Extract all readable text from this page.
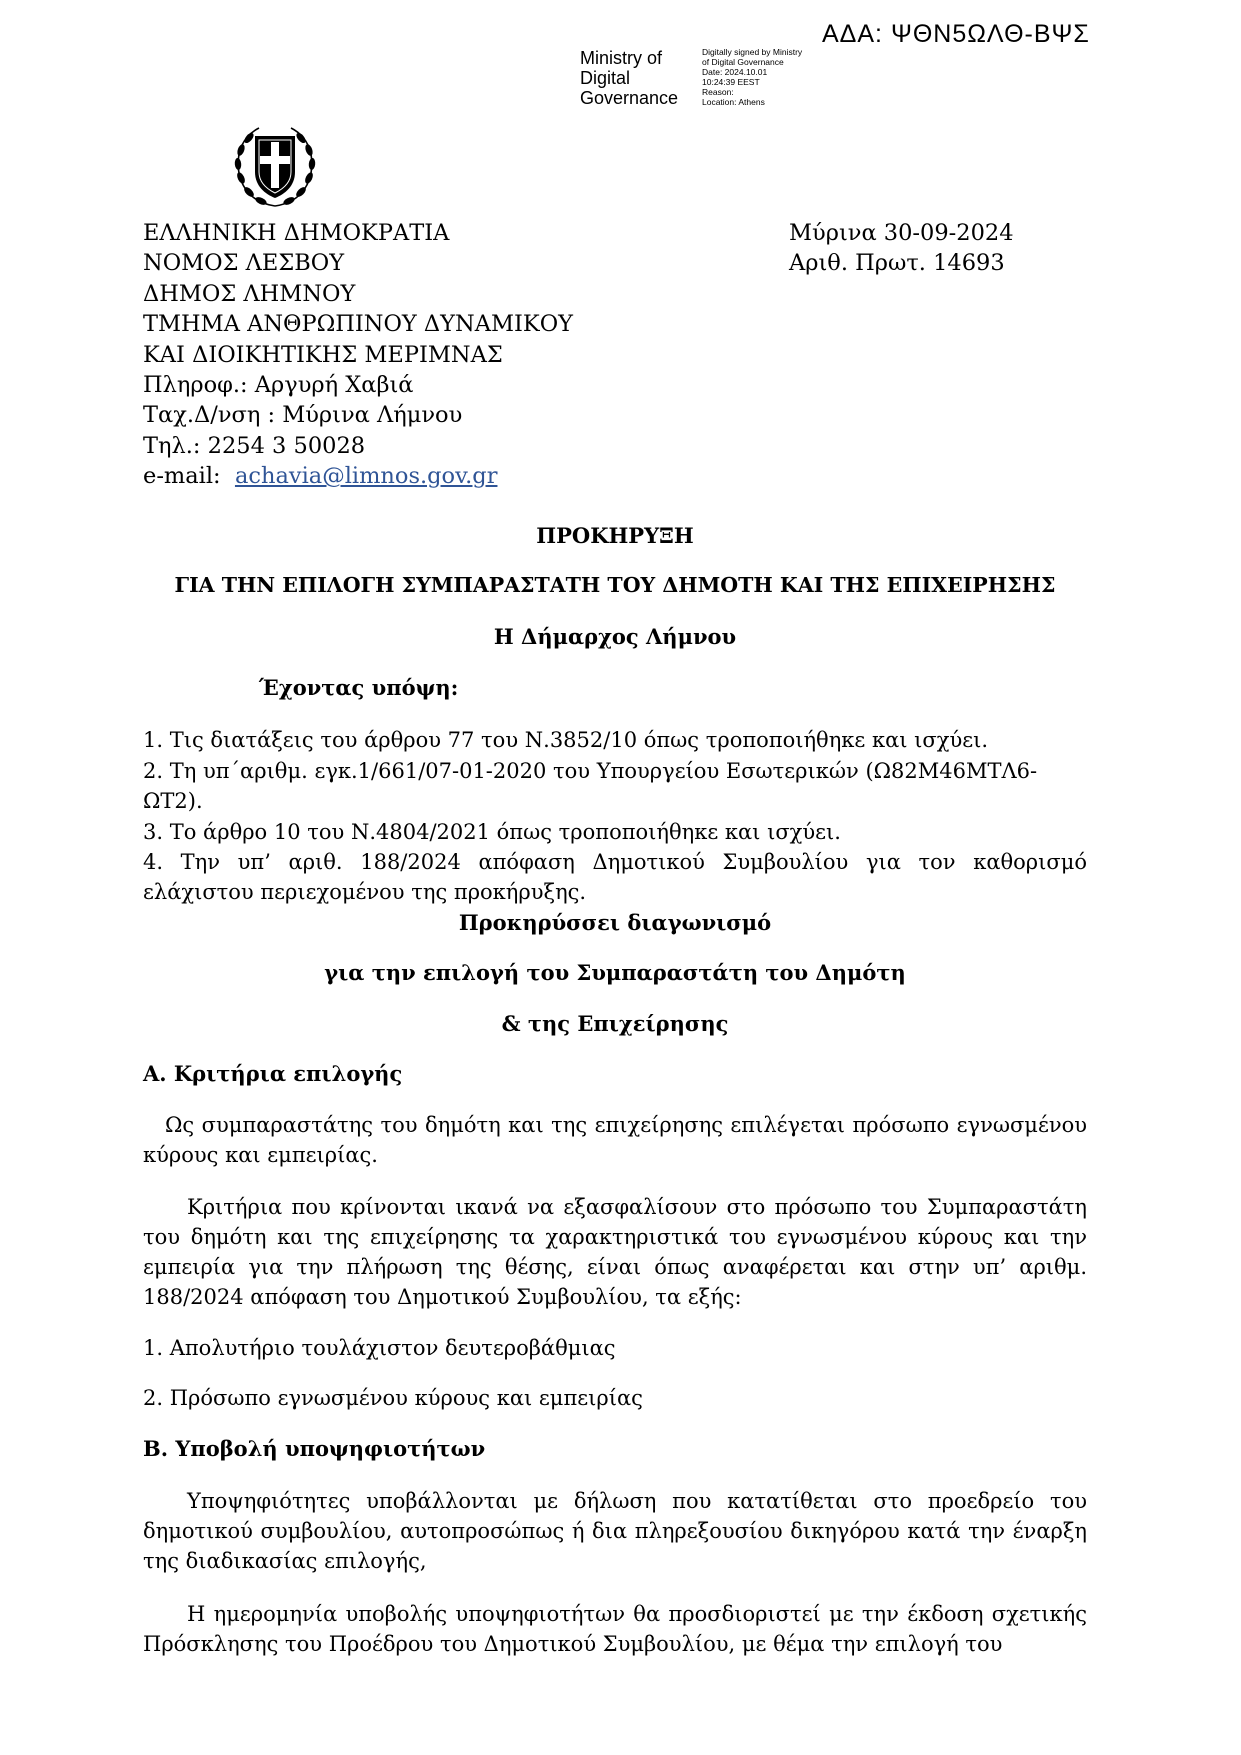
ΑΔΑ: ΨΘΝ5ΩΛΘ-ΒΨΣ
Ministry of
Digital
Governance
Digitally signed by Ministry
of Digital Governance
Date: 2024.10.01
10:24:39 EEST
Reason:
Location: Athens
ΕΛΛΗΝΙΚΗ ΔΗΜΟΚΡΑΤΙΑ
ΝΟΜΟΣ ΛΕΣΒΟΥ
ΔΗΜΟΣ ΛΗΜΝΟΥ
ΤΜΗΜΑ ΑΝΘΡΩΠΙΝΟΥ ΔΥΝΑΜΙΚΟΥ
ΚΑΙ ΔΙΟΙΚΗΤΙΚΗΣ ΜΕΡΙΜΝΑΣ
Πληροφ.: Αργυρή Χαβιά
Ταχ.Δ/νση : Μύρινα Λήμνου
Τηλ.: 2254 3 50028
e-mail: achavia@limnos.gov.gr
Μύρινα 30-09-2024
Αριθ. Πρωτ. 14693
ΠΡΟΚΗΡΥΞΗ
ΓΙΑ ΤΗΝ ΕΠΙΛΟΓΗ ΣΥΜΠΑΡΑΣΤΑΤΗ ΤΟΥ ΔΗΜΟΤΗ ΚΑΙ ΤΗΣ ΕΠΙΧΕΙΡΗΣΗΣ
Η Δήμαρχος Λήμνου
Έχοντας υπόψη:
1. Τις διατάξεις του άρθρου 77 του Ν.3852/10 όπως τροποποιήθηκε και ισχύει.
2. Τη υπ΄αριθμ. εγκ.1/661/07-01-2020 του Υπουργείου Εσωτερικών (Ω82Μ46ΜΤΛ6-ΩΤ2).
3. Το άρθρο 10 του Ν.4804/2021 όπως τροποποιήθηκε και ισχύει.
4. Την υπ’ αριθ. 188/2024 απόφαση Δημοτικού Συμβουλίου για τον καθορισμό ελάχιστου περιεχομένου της προκήρυξης.
Προκηρύσσει διαγωνισμό
για την επιλογή του Συμπαραστάτη του Δημότη
& της Επιχείρησης
Α. Κριτήρια επιλογής
Ως συμπαραστάτης του δημότη και της επιχείρησης επιλέγεται πρόσωπο εγνωσμένου κύρους και εμπειρίας.
Κριτήρια που κρίνονται ικανά να εξασφαλίσουν στο πρόσωπο του Συμπαραστάτη του δημότη και της επιχείρησης τα χαρακτηριστικά του εγνωσμένου κύρους και την εμπειρία για την πλήρωση της θέσης, είναι όπως αναφέρεται και στην υπ’ αριθμ. 188/2024 απόφαση του Δημοτικού Συμβουλίου, τα εξής:
1. Απολυτήριο τουλάχιστον δευτεροβάθμιας
2. Πρόσωπο εγνωσμένου κύρους και εμπειρίας
Β. Υποβολή υποψηφιοτήτων
Υποψηφιότητες υποβάλλονται με δήλωση που κατατίθεται στο προεδρείο του δημοτικού συμβουλίου, αυτοπροσώπως ή δια πληρεξουσίου δικηγόρου κατά την έναρξη της διαδικασίας επιλογής,
Η ημερομηνία υποβολής υποψηφιοτήτων θα προσδιοριστεί με την έκδοση σχετικής Πρόσκλησης του Προέδρου του Δημοτικού Συμβουλίου, με θέμα την επιλογή του
